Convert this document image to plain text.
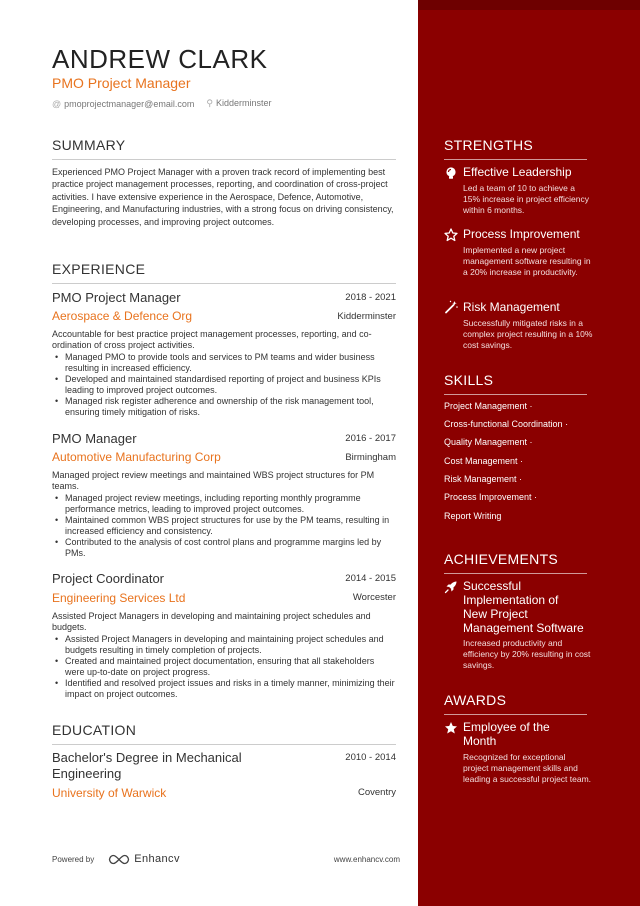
ANDREW CLARK
PMO Project Manager
@ pmoprojectmanager@email.com ⚲ Kidderminster
SUMMARY
Experienced PMO Project Manager with a proven track record of implementing best practice project management processes, reporting, and coordination of cross-project activities. I have extensive experience in the Aerospace, Defence, Automotive, Engineering, and Manufacturing industries, with a strong focus on driving consistency, developing processes, and improving project outcomes.
EXPERIENCE
PMO Project Manager	2018 - 2021
Aerospace & Defence Org	Kidderminster
Accountable for best practice project management processes, reporting, and co-ordination of cross project activities.
• Managed PMO to provide tools and services to PM teams and wider business resulting in increased efficiency.
• Developed and maintained standardised reporting of project and business KPIs leading to improved project outcomes.
• Managed risk register adherence and ownership of the risk management tool, ensuring timely mitigation of risks.
PMO Manager	2016 - 2017
Automotive Manufacturing Corp	Birmingham
Managed project review meetings and maintained WBS project structures for PM teams.
• Managed project review meetings, including reporting monthly programme performance metrics, leading to improved project outcomes.
• Maintained common WBS project structures for use by the PM teams, resulting in increased efficiency and consistency.
• Contributed to the analysis of cost control plans and programme margins led by PMs.
Project Coordinator	2014 - 2015
Engineering Services Ltd	Worcester
Assisted Project Managers in developing and maintaining project schedules and budgets.
• Assisted Project Managers in developing and maintaining project schedules and budgets resulting in timely completion of projects.
• Created and maintained project documentation, ensuring that all stakeholders were up-to-date on project progress.
• Identified and resolved project issues and risks in a timely manner, minimizing their impact on project outcomes.
EDUCATION
Bachelor's Degree in Mechanical
Engineering
2010 - 2014
University of Warwick	Coventry
Powered by	Enhancv	www.enhancv.com
STRENGTHS
Effective Leadership
Led a team of 10 to achieve a 15% increase in project efficiency within 6 months.
Process Improvement
Implemented a new project management software resulting in a 20% increase in productivity.
Risk Management
Successfully mitigated risks in a complex project resulting in a 10% cost savings.
SKILLS
Project Management ·
Cross-functional Coordination ·
Quality Management ·
Cost Management ·
Risk Management ·
Process Improvement ·
Report Writing
ACHIEVEMENTS
Successful
Implementation of
New Project
Management Software
Increased productivity and efficiency by 20% resulting in cost savings.
AWARDS
Employee of the
Month
Recognized for exceptional project management skills and leading a successful project team.
